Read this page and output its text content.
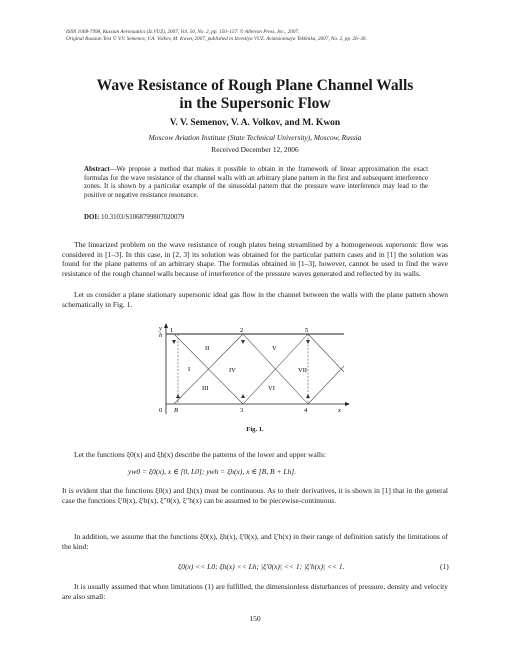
ISSN 1068-7998, Russian Aeronautics (Iz.VUZ), 2007, Vol. 50, No. 2, pp. 150–157. © Allerton Press, Inc., 2007.
Original Russian Text © V.V. Semenov, V.A. Volkov, M. Kwon, 2007, published in Izvestiya VUZ. Aviatsionnaya Tekhnika, 2007, No. 2, pp. 26–30.
Wave Resistance of Rough Plane Channel Walls
in the Supersonic Flow
V. V. Semenov, V. A. Volkov, and M. Kwon
Moscow Aviation Institute (State Technical University), Moscow, Russia
Received December 12, 2006
Abstract—We propose a method that makes it possible to obtain in the framework of linear approximation the exact formulas for the wave resistance of the channel walls with an arbitrary plane pattern in the first and subsequent interference zones. It is shown by a particular example of the sinusoidal pattern that the pressure wave interference may lead to the positive or negative resistance resonance.
DOI: 10.3103/S1068799807020079
The linearized problem on the wave resistance of rough plates being streamlined by a homogeneous supersonic flow was considered in [1–3]. In this case, in [2, 3] its solution was obtained for the particular pattern cases and in [1] the solution was found for the plane patterns of an arbitrary shape. The formulas obtained in [1–3], however, cannot be used to find the wave resistance of the rough channel walls because of interference of the pressure waves generated and reflected by its walls.
Let us consider a plane stationary supersonic ideal gas flow in the channel between the walls with the plane pattern shown schematically in Fig. 1.
y
h
0 B	x
1	2	5
3	4
I
II
III
IV
V
VI
VII
Fig. 1.
Let the functions ξ0(x) and ξh(x) describe the patterns of the lower and upper walls:
yw0 = ξ0(x), x ∈ [0, L0]; ywh = ξh(x), x ∈ [B, B + Lh].
It is evident that the functions ξ0(x) and ξh(x) must be continuous. As to their derivatives, it is shown in [1] that in the general case the functions ξ′0(x), ξ′h(x), ξ″0(x), ξ″h(x) can be assumed to be piecewise-continuous.
In addition, we assume that the functions ξ0(x), ξh(x), ξ′0(x), and ξ′h(x) in their range of definition satisfy the limitations of the kind:
ξ0(x) << L0; ξh(x) << Lh; |ξ′0(x)| << 1; |ξ′h(x)| << 1.	(1)
It is usually assumed that when limitations (1) are fulfilled, the dimensionless disturbances of pressure, density and velocity are also small:
150
